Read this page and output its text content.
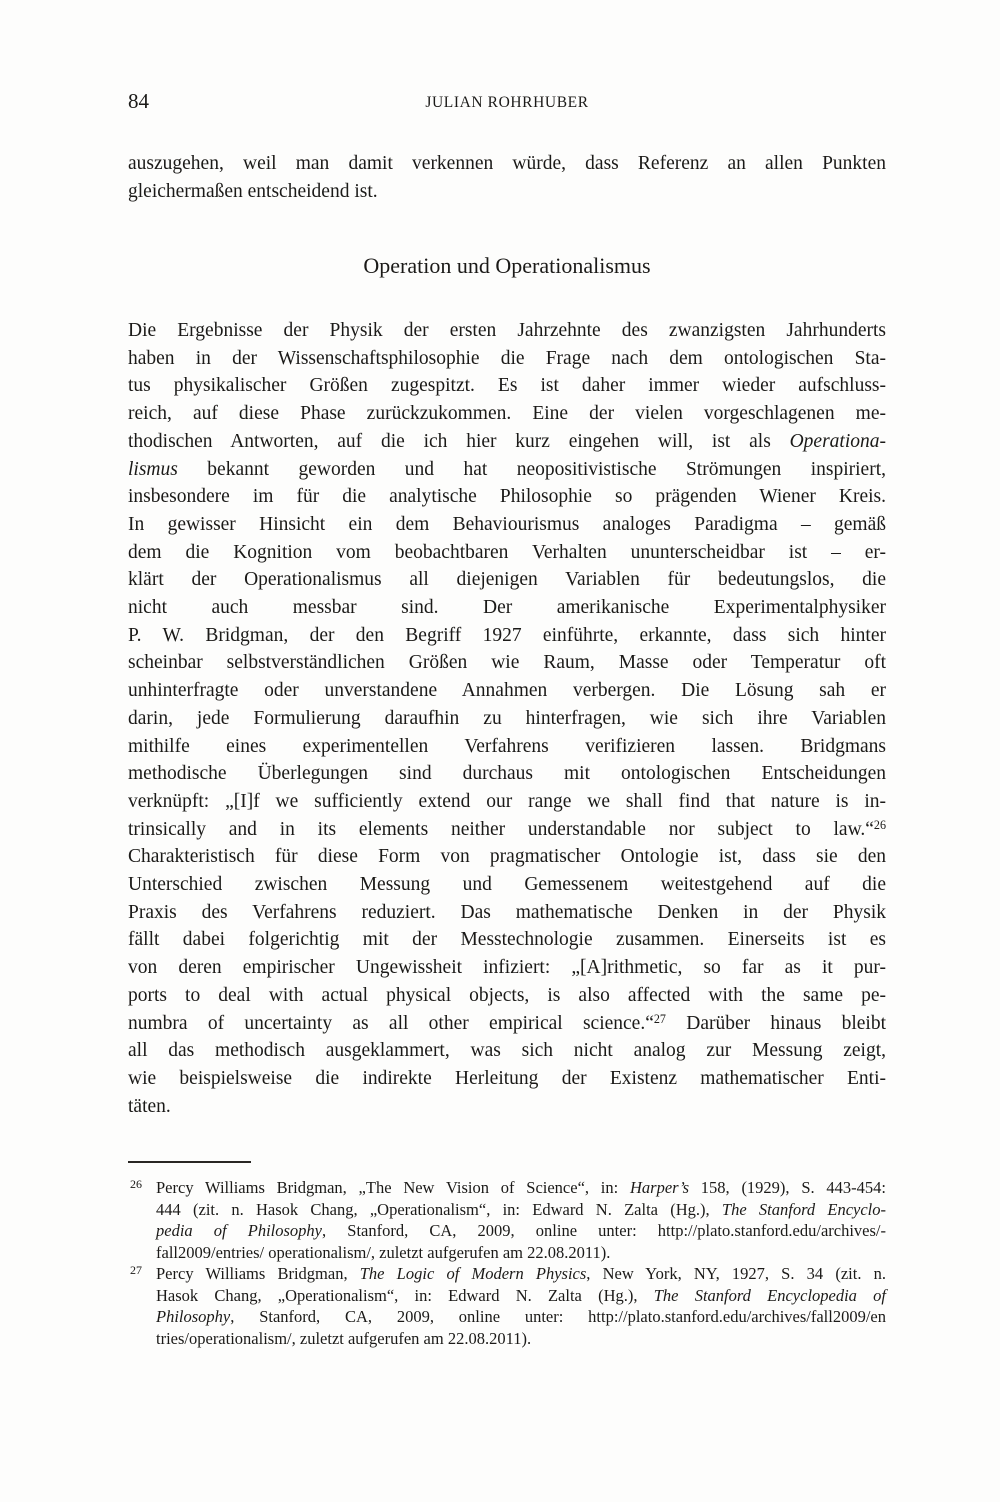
84	JULIAN ROHRHUBER
auszugehen, weil man damit verkennen würde, dass Referenz an allen Punkten
gleichermaßen entscheidend ist.
Operation und Operationalismus
Die Ergebnisse der Physik der ersten Jahrzehnte des zwanzigsten Jahrhunderts
haben in der Wissenschaftsphilosophie die Frage nach dem ontologischen Sta-
tus physikalischer Größen zugespitzt. Es ist daher immer wieder aufschluss-
reich, auf diese Phase zurückzukommen. Eine der vielen vorgeschlagenen me-
thodischen Antworten, auf die ich hier kurz eingehen will, ist als Operationa-
lismus bekannt geworden und hat neopositivistische Strömungen inspiriert,
insbesondere im für die analytische Philosophie so prägenden Wiener Kreis.
In gewisser Hinsicht ein dem Behaviourismus analoges Paradigma – gemäß
dem die Kognition vom beobachtbaren Verhalten ununterscheidbar ist – er-
klärt der Operationalismus all diejenigen Variablen für bedeutungslos, die
nicht auch messbar sind. Der amerikanische Experimentalphysiker
P. W. Bridgman, der den Begriff 1927 einführte, erkannte, dass sich hinter
scheinbar selbstverständlichen Größen wie Raum, Masse oder Temperatur oft
unhinterfragte oder unverstandene Annahmen verbergen. Die Lösung sah er
darin, jede Formulierung daraufhin zu hinterfragen, wie sich ihre Variablen
mithilfe eines experimentellen Verfahrens verifizieren lassen. Bridgmans
methodische Überlegungen sind durchaus mit ontologischen Entscheidungen
verknüpft: „[I]f we sufficiently extend our range we shall find that nature is in-
trinsically and in its elements neither understandable nor subject to law.“$^{26}$
Charakteristisch für diese Form von pragmatischer Ontologie ist, dass sie den
Unterschied zwischen Messung und Gemessenem weitestgehend auf die
Praxis des Verfahrens reduziert. Das mathematische Denken in der Physik
fällt dabei folgerichtig mit der Messtechnologie zusammen. Einerseits ist es
von deren empirischer Ungewissheit infiziert: „[A]rithmetic, so far as it pur-
ports to deal with actual physical objects, is also affected with the same pe-
numbra of uncertainty as all other empirical science.“$^{27}$ Darüber hinaus bleibt
all das methodisch ausgeklammert, was sich nicht analog zur Messung zeigt,
wie beispielsweise die indirekte Herleitung der Existenz mathematischer Enti-
täten.
26 Percy Williams Bridgman, „The New Vision of Science“, in: Harper’s 158, (1929), S. 443-454:
444 (zit. n. Hasok Chang, „Operationalism“, in: Edward N. Zalta (Hg.), The Stanford Encyclo-
pedia of Philosophy, Stanford, CA, 2009, online unter: http://plato.stanford.edu/archives/-
fall2009/entries/ operationalism/, zuletzt aufgerufen am 22.08.2011).
27 Percy Williams Bridgman, The Logic of Modern Physics, New York, NY, 1927, S. 34 (zit. n.
Hasok Chang, „Operationalism“, in: Edward N. Zalta (Hg.), The Stanford Encyclopedia of
Philosophy, Stanford, CA, 2009, online unter: http://plato.stanford.edu/archives/fall2009/en
tries/operationalism/, zuletzt aufgerufen am 22.08.2011).
